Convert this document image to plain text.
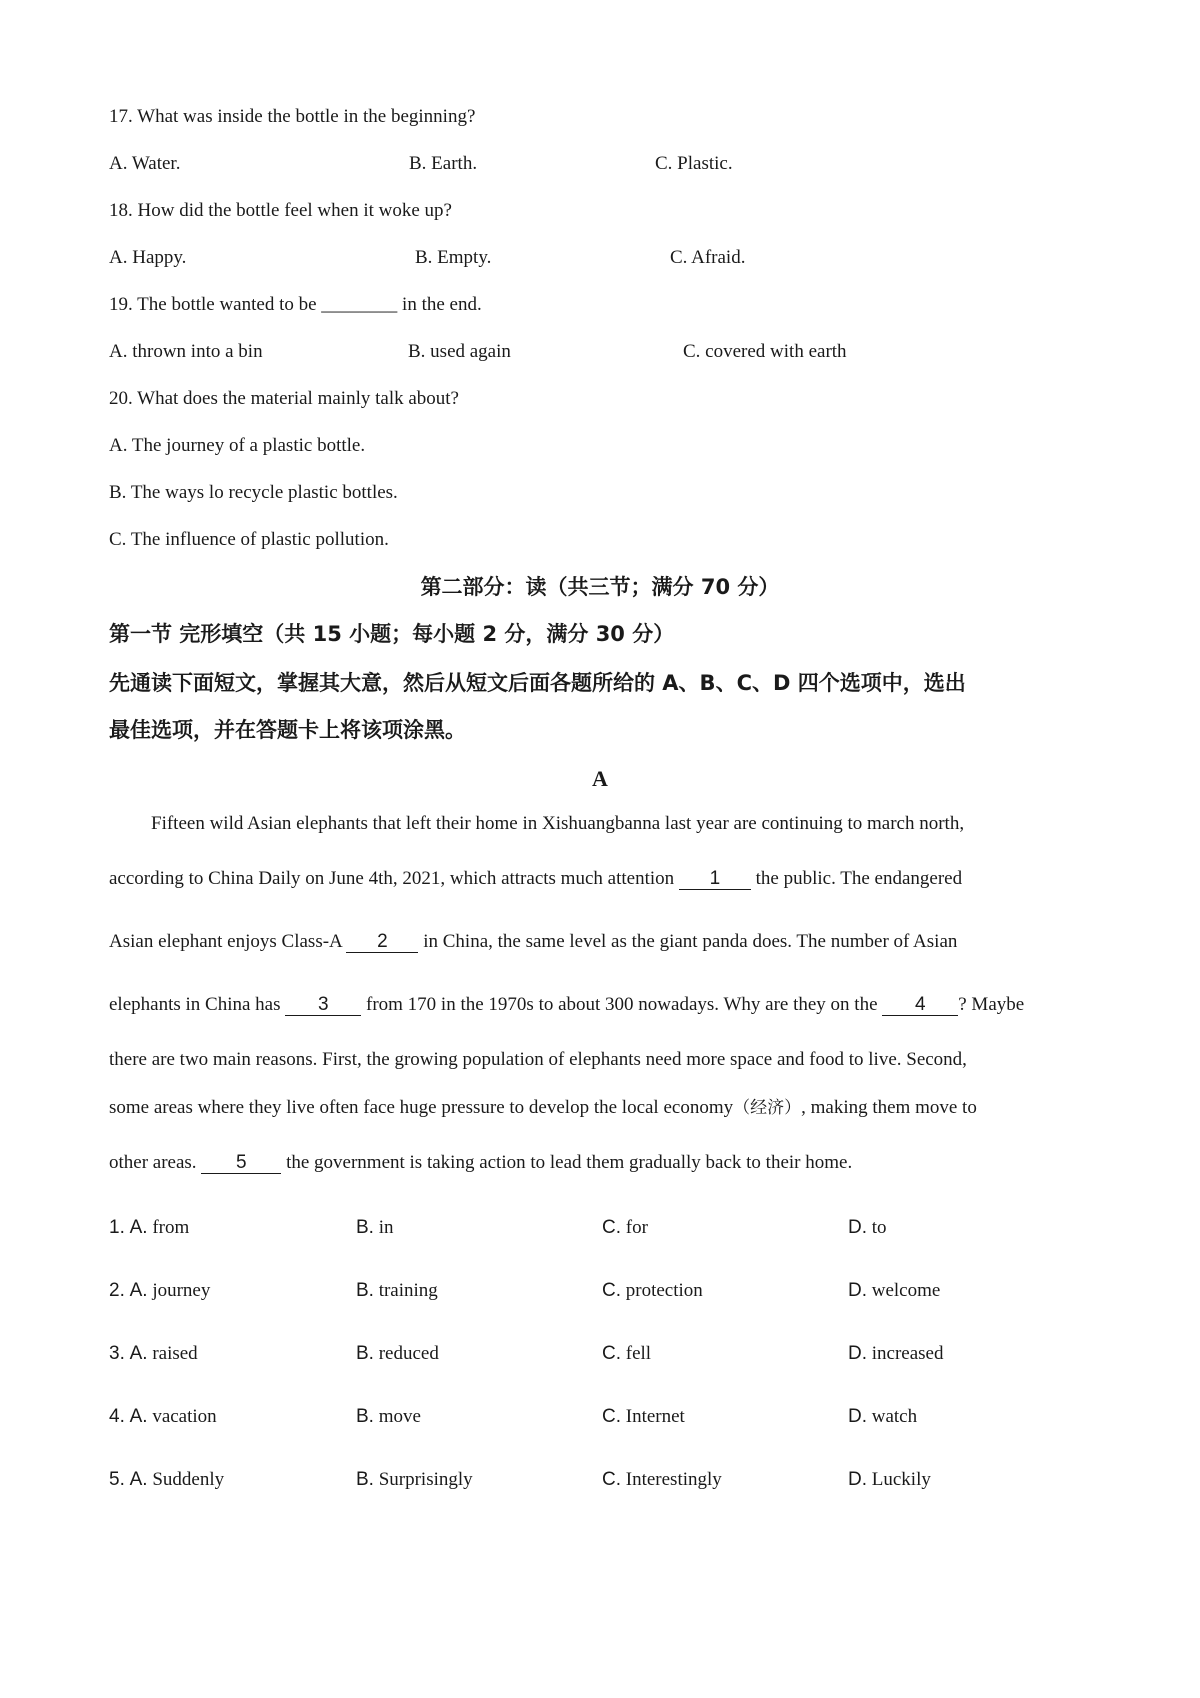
17. What was inside the bottle in the beginning?
A. Water.	B. Earth.	C. Plastic.
18. How did the bottle feel when it woke up?
A. Happy.	B. Empty.	C. Afraid.
19. The bottle wanted to be ________ in the end.
A. thrown into a bin	B. used again	C. covered with earth
20. What does the material mainly talk about?
A. The journey of a plastic bottle.
B. The ways lo recycle plastic bottles.
C. The influence of plastic pollution.
第二部分：读（共三节；满分 70 分）
第一节 完形填空（共 15 小题；每小题 2 分，满分 30 分）
先通读下面短文，掌握其大意，然后从短文后面各题所给的 A、B、C、D 四个选项中，选出
最佳选项，并在答题卡上将该项涂黑。
A
Fifteen wild Asian elephants that left their home in Xishuangbanna last year are continuing to march north,
according to China Daily on June 4th, 2021, which attracts much attention 1 the public. The endangered
Asian elephant enjoys Class-A 2 in China, the same level as the giant panda does. The number of Asian
elephants in China has 3 from 170 in the 1970s to about 300 nowadays. Why are they on the 4 ? Maybe
there are two main reasons. First, the growing population of elephants need more space and food to live. Second,
some areas where they live often face huge pressure to develop the local economy（经济）, making them move to
other areas. 5 the government is taking action to lead them gradually back to their home.
1. A. from	B. in	C. for	D. to
2. A. journey	B. training	C. protection	D. welcome
3. A. raised	B. reduced	C. fell	D. increased
4. A. vacation	B. move	C. Internet	D. watch
5. A. Suddenly	B. Surprisingly	C. Interestingly	D. Luckily
